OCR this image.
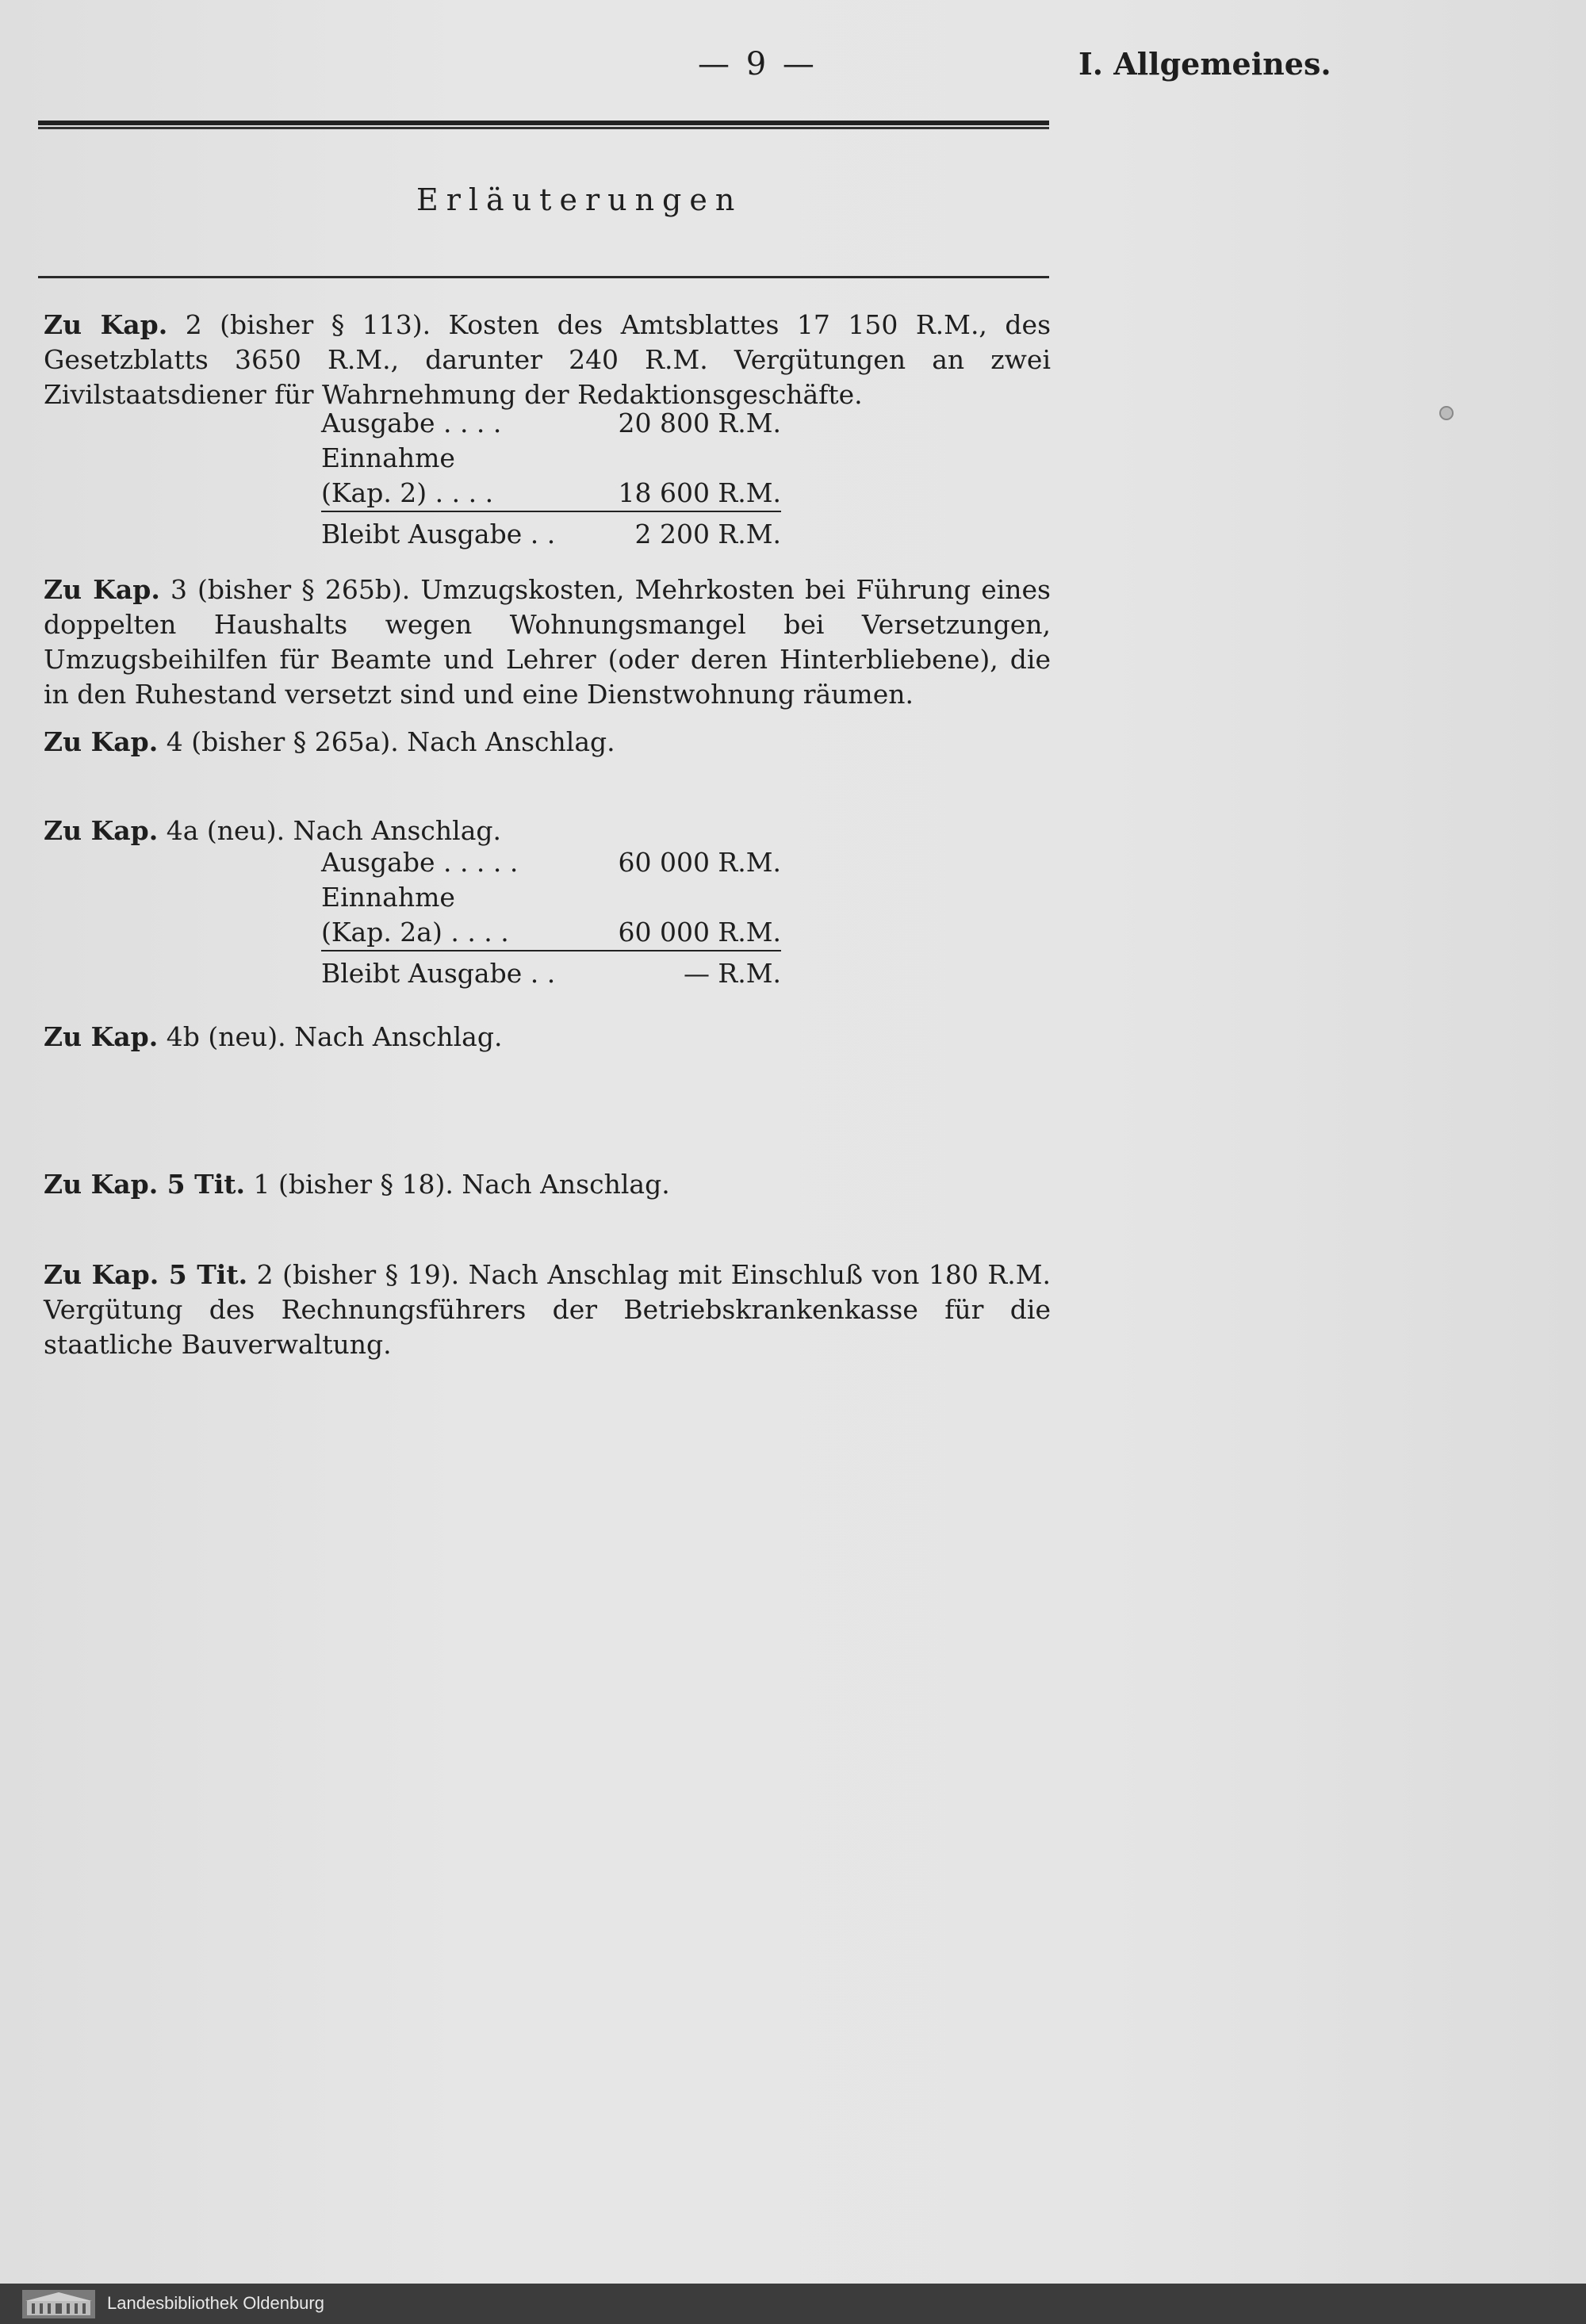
— 9 —	I. Allgemeines.
Erläuterungen
Zu Kap. 2 (bisher § 113). Kosten des Amtsblattes 17 150 R.M., des Gesetzblatts 3650 R.M., darunter 240 R.M. Vergütungen an zwei Zivilstaatsdiener für Wahrnehmung der Redaktionsgeschäfte.
Ausgabe . . . .	20 800 R.M.
Einnahme
(Kap. 2) . . . .	18 600 R.M.
Bleibt Ausgabe . .	2 200 R.M.
Zu Kap. 3 (bisher § 265b). Umzugskosten, Mehrkosten bei Führung eines doppelten Haushalts wegen Wohnungsmangel bei Versetzungen, Umzugsbeihilfen für Beamte und Lehrer (oder deren Hinterbliebene), die in den Ruhestand versetzt sind und eine Dienstwohnung räumen.
Zu Kap. 4 (bisher § 265a). Nach Anschlag.
Zu Kap. 4a (neu). Nach Anschlag.
Ausgabe . . . . .	60 000 R.M.
Einnahme
(Kap. 2a) . . . .	60 000 R.M.
Bleibt Ausgabe . .	— R.M.
Zu Kap. 4b (neu). Nach Anschlag.
Zu Kap. 5 Tit. 1 (bisher § 18). Nach Anschlag.
Zu Kap. 5 Tit. 2 (bisher § 19). Nach Anschlag mit Einschluß von 180 R.M. Vergütung des Rechnungsführers der Betriebskrankenkasse für die staatliche Bauverwaltung.
Landesbibliothek Oldenburg
